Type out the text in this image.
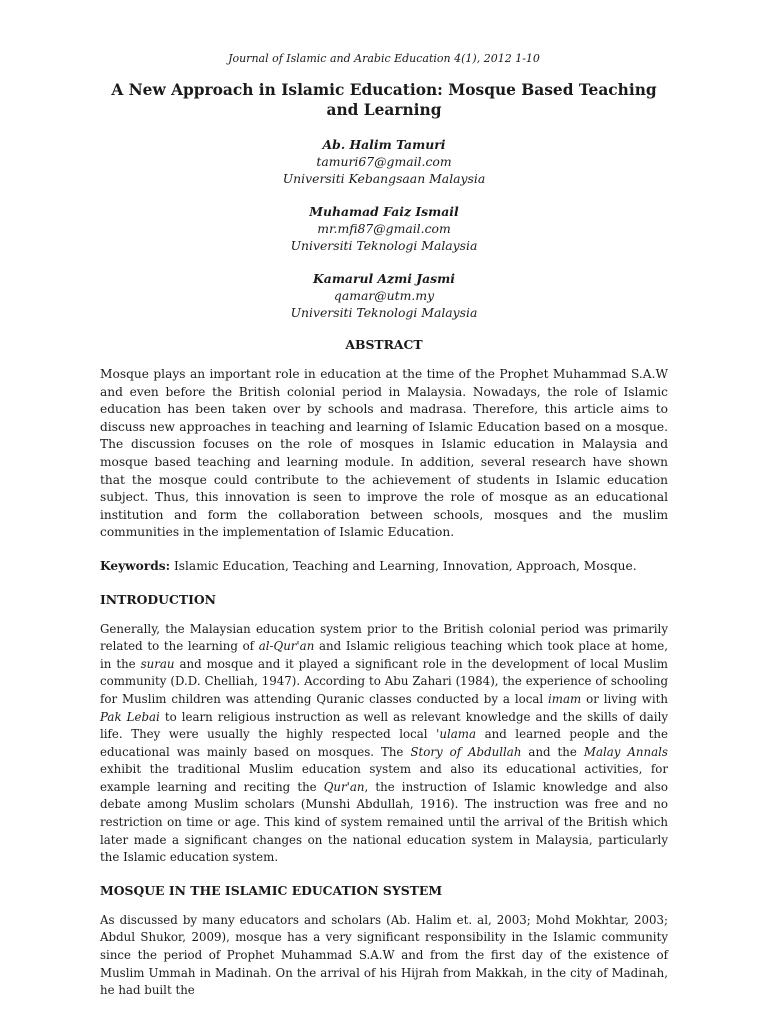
Journal of Islamic and Arabic Education 4(1), 2012 1-10

A New Approach in Islamic Education: Mosque Based Teaching and Learning
Ab. Halim Tamuri
tamuri67@gmail.com
Universiti Kebangsaan Malaysia
Muhamad Faiz Ismail
mr.mfi87@gmail.com
Universiti Teknologi Malaysia
Kamarul Azmi Jasmi
qamar@utm.my
Universiti Teknologi Malaysia
ABSTRACT

Mosque plays an important role in education at the time of the Prophet Muhammad S.A.W and even before the British colonial period in Malaysia. Nowadays, the role of Islamic education has been taken over by schools and madrasa. Therefore, this article aims to discuss new approaches in teaching and learning of Islamic Education based on a mosque. The discussion focuses on the role of mosques in Islamic education in Malaysia and mosque based teaching and learning module. In addition, several research have shown that the mosque could contribute to the achievement of students in Islamic education subject. Thus, this innovation is seen to improve the role of mosque as an educational institution and form the collaboration between schools, mosques and the muslim communities in the implementation of Islamic Education.

Keywords: Islamic Education, Teaching and Learning, Innovation, Approach, Mosque.

INTRODUCTION

Generally, the Malaysian education system prior to the British colonial period was primarily related to the learning of al-Qur'an and Islamic religious teaching which took place at home, in the surau and mosque and it played a significant role in the development of local Muslim community (D.D. Chelliah, 1947). According to Abu Zahari (1984), the experience of schooling for Muslim children was attending Quranic classes conducted by a local imam or living with Pak Lebai to learn religious instruction as well as relevant knowledge and the skills of daily life. They were usually the highly respected local 'ulama and learned people and the educational was mainly based on mosques. The Story of Abdullah and the Malay Annals exhibit the traditional Muslim education system and also its educational activities, for example learning and reciting the Qur'an, the instruction of Islamic knowledge and also debate among Muslim scholars (Munshi Abdullah, 1916). The instruction was free and no restriction on time or age. This kind of system remained until the arrival of the British which later made a significant changes on the national education system in Malaysia, particularly the Islamic education system.

MOSQUE IN THE ISLAMIC EDUCATION SYSTEM

As discussed by many educators and scholars (Ab. Halim et. al, 2003; Mohd Mokhtar, 2003; Abdul Shukor, 2009), mosque has a very significant responsibility in the Islamic community since the period of Prophet Muhammad S.A.W and from the first day of the existence of Muslim Ummah in Madinah. On the arrival of his Hijrah from Makkah, in the city of Madinah, he had built the
